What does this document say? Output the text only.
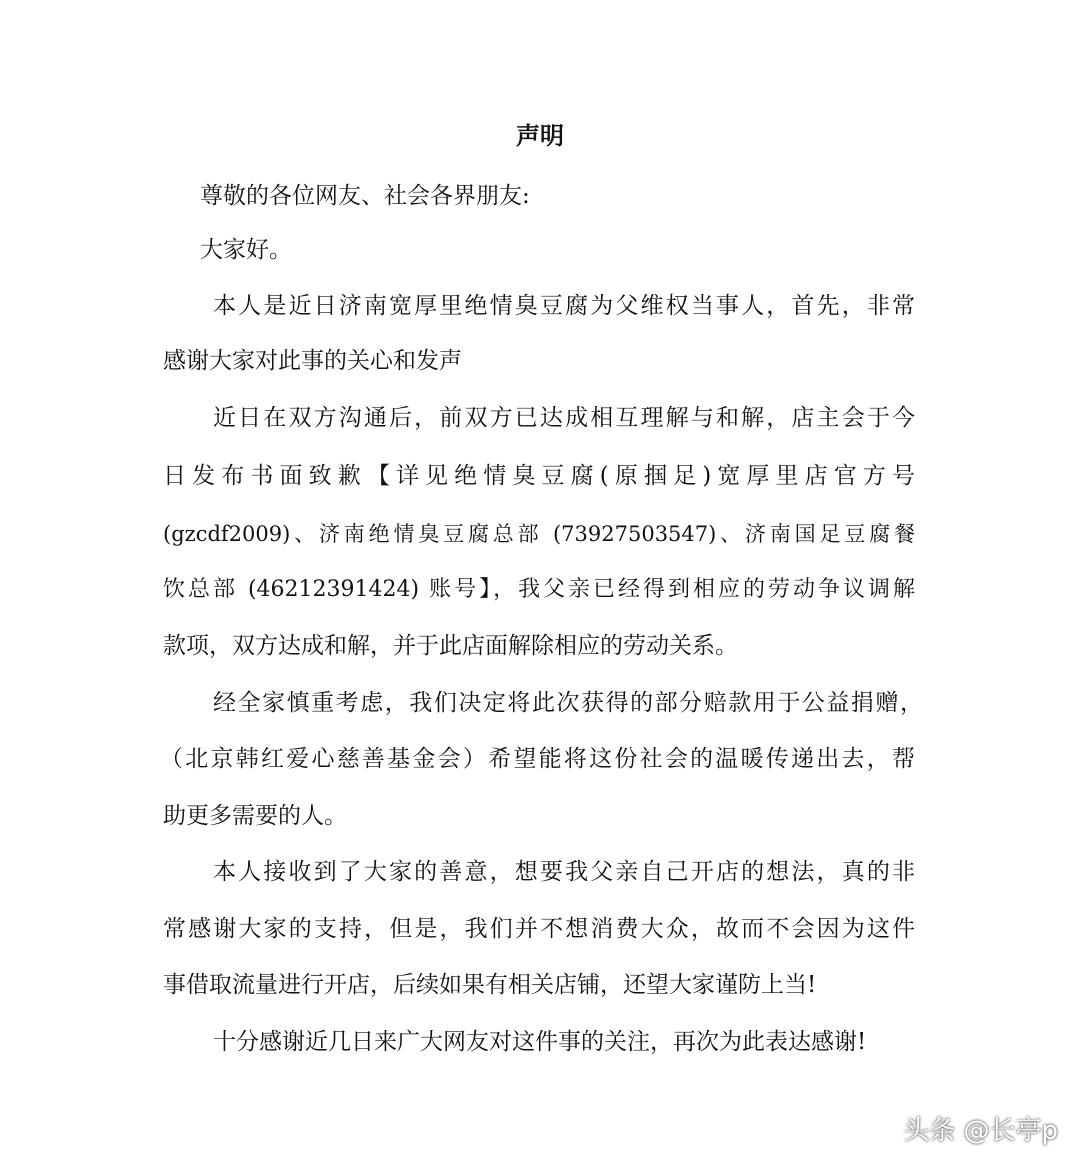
声明
尊敬的各位网友、社会各界朋友:
大家好。
本人是近日济南宽厚里绝情臭豆腐为父维权当事人，首先，非常
感谢大家对此事的关心和发声
近日在双方沟通后，前双方已达成相互理解与和解，店主会于今
日发布书面致歉【详见绝情臭豆腐(原掴足)宽厚里店官方号
(gzcdf2009)、济南绝情臭豆腐总部 (73927503547)、济南国足豆腐餐
饮总部 (46212391424) 账号】，我父亲已经得到相应的劳动争议调解
款项，双方达成和解，并于此店面解除相应的劳动关系。
经全家慎重考虑，我们决定将此次获得的部分赔款用于公益捐赠，
（北京韩红爱心慈善基金会）希望能将这份社会的温暖传递出去，帮
助更多需要的人。
本人接收到了大家的善意，想要我父亲自己开店的想法，真的非
常感谢大家的支持，但是，我们并不想消费大众，故而不会因为这件
事借取流量进行开店，后续如果有相关店铺，还望大家谨防上当!
十分感谢近几日来广大网友对这件事的关注，再次为此表达感谢!
头条 @长亭p
